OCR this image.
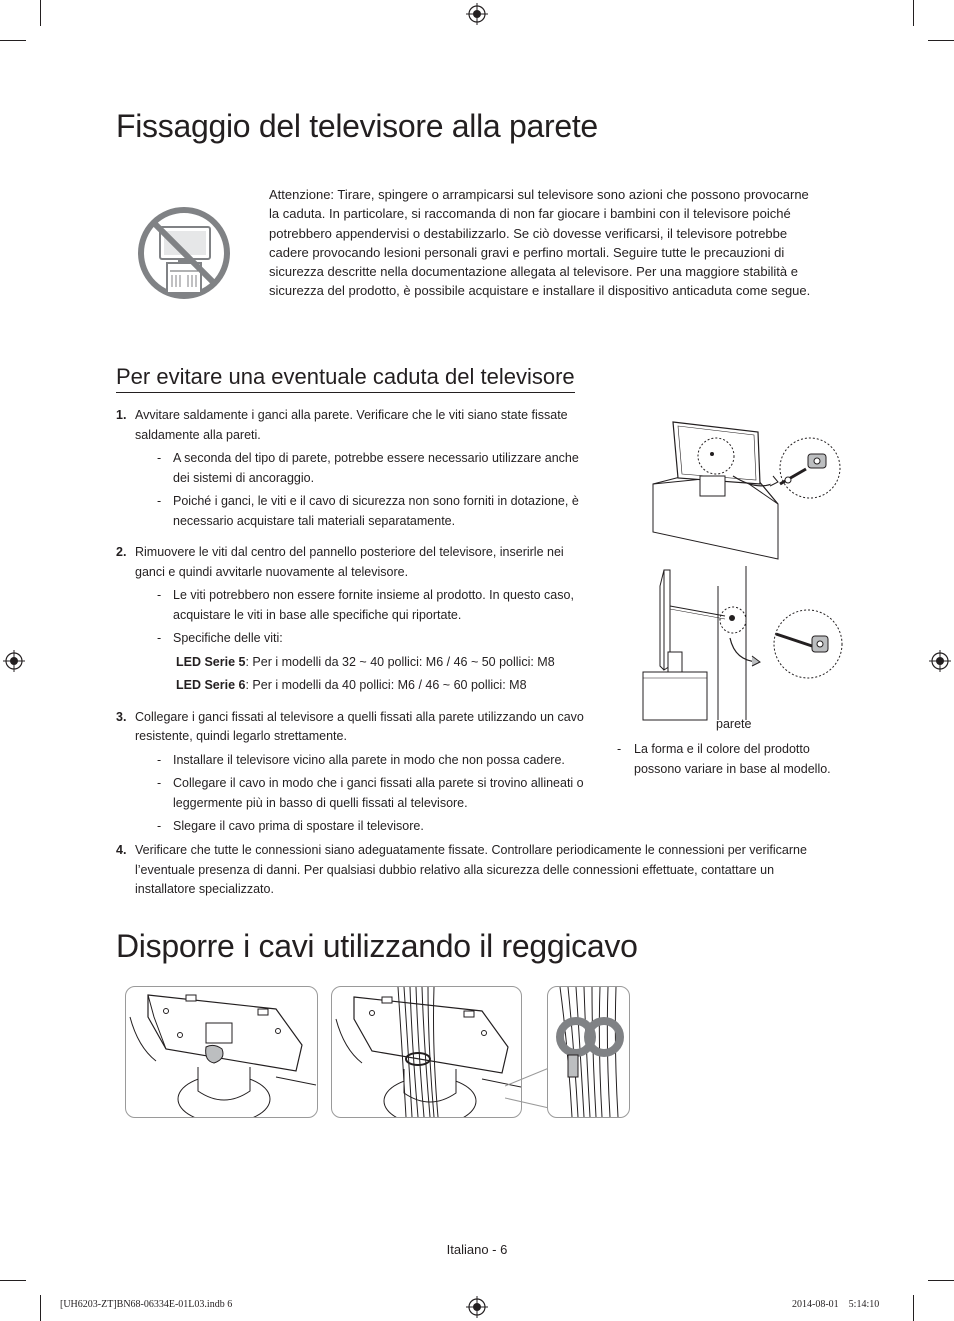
Fissaggio del televisore alla parete

Attenzione: Tirare, spingere o arrampicarsi sul televisore sono azioni che possono provocarne la caduta. In particolare, si raccomanda di non far giocare i bambini con il televisore poiché potrebbero appendervisi o destabilizzarlo. Se ciò dovesse verificarsi, il televisore potrebbe cadere provocando lesioni personali gravi e perfino mortali. Seguire tutte le precauzioni di sicurezza descritte nella documentazione allegata al televisore. Per una maggiore stabilità e sicurezza del prodotto, è possibile acquistare e installare il dispositivo anticaduta come segue.

Per evitare una eventuale caduta del televisore
1. Avvitare saldamente i ganci alla parete. Verificare che le viti siano state fissate saldamente alla pareti.
- A seconda del tipo di parete, potrebbe essere necessario utilizzare anche dei sistemi di ancoraggio.
- Poiché i ganci, le viti e il cavo di sicurezza non sono forniti in dotazione, è necessario acquistare tali materiali separatamente.
2. Rimuovere le viti dal centro del pannello posteriore del televisore, inserirle nei ganci e quindi avvitarle nuovamente al televisore.
- Le viti potrebbero non essere fornite insieme al prodotto. In questo caso, acquistare le viti in base alle specifiche qui riportate.
- Specifiche delle viti:
LED Serie 5: Per i modelli da 32 ~ 40 pollici: M6 / 46 ~ 50 pollici: M8
LED Serie 6: Per i modelli da 40 pollici: M6 / 46 ~ 60 pollici: M8
3. Collegare i ganci fissati al televisore a quelli fissati alla parete utilizzando un cavo resistente, quindi legarlo strettamente.
- Installare il televisore vicino alla parete in modo che non possa cadere.
- Collegare il cavo in modo che i ganci fissati alla parete si trovino allineati o leggermente più in basso di quelli fissati al televisore.
- Slegare il cavo prima di spostare il televisore.
4. Verificare che tutte le connessioni siano adeguatamente fissate. Controllare periodicamente le connessioni per verificarne l’eventuale presenza di danni. Per qualsiasi dubbio relativo alla sicurezza delle connessioni effettuate, contattare un installatore specializzato.
parete
- La forma e il colore del prodotto possono variare in base al modello.
Disporre i cavi utilizzando il reggicavo
Italiano - 6
[UH6203-ZT]BN68-06334E-01L03.indb 6	2014-08-01   5:14:10
